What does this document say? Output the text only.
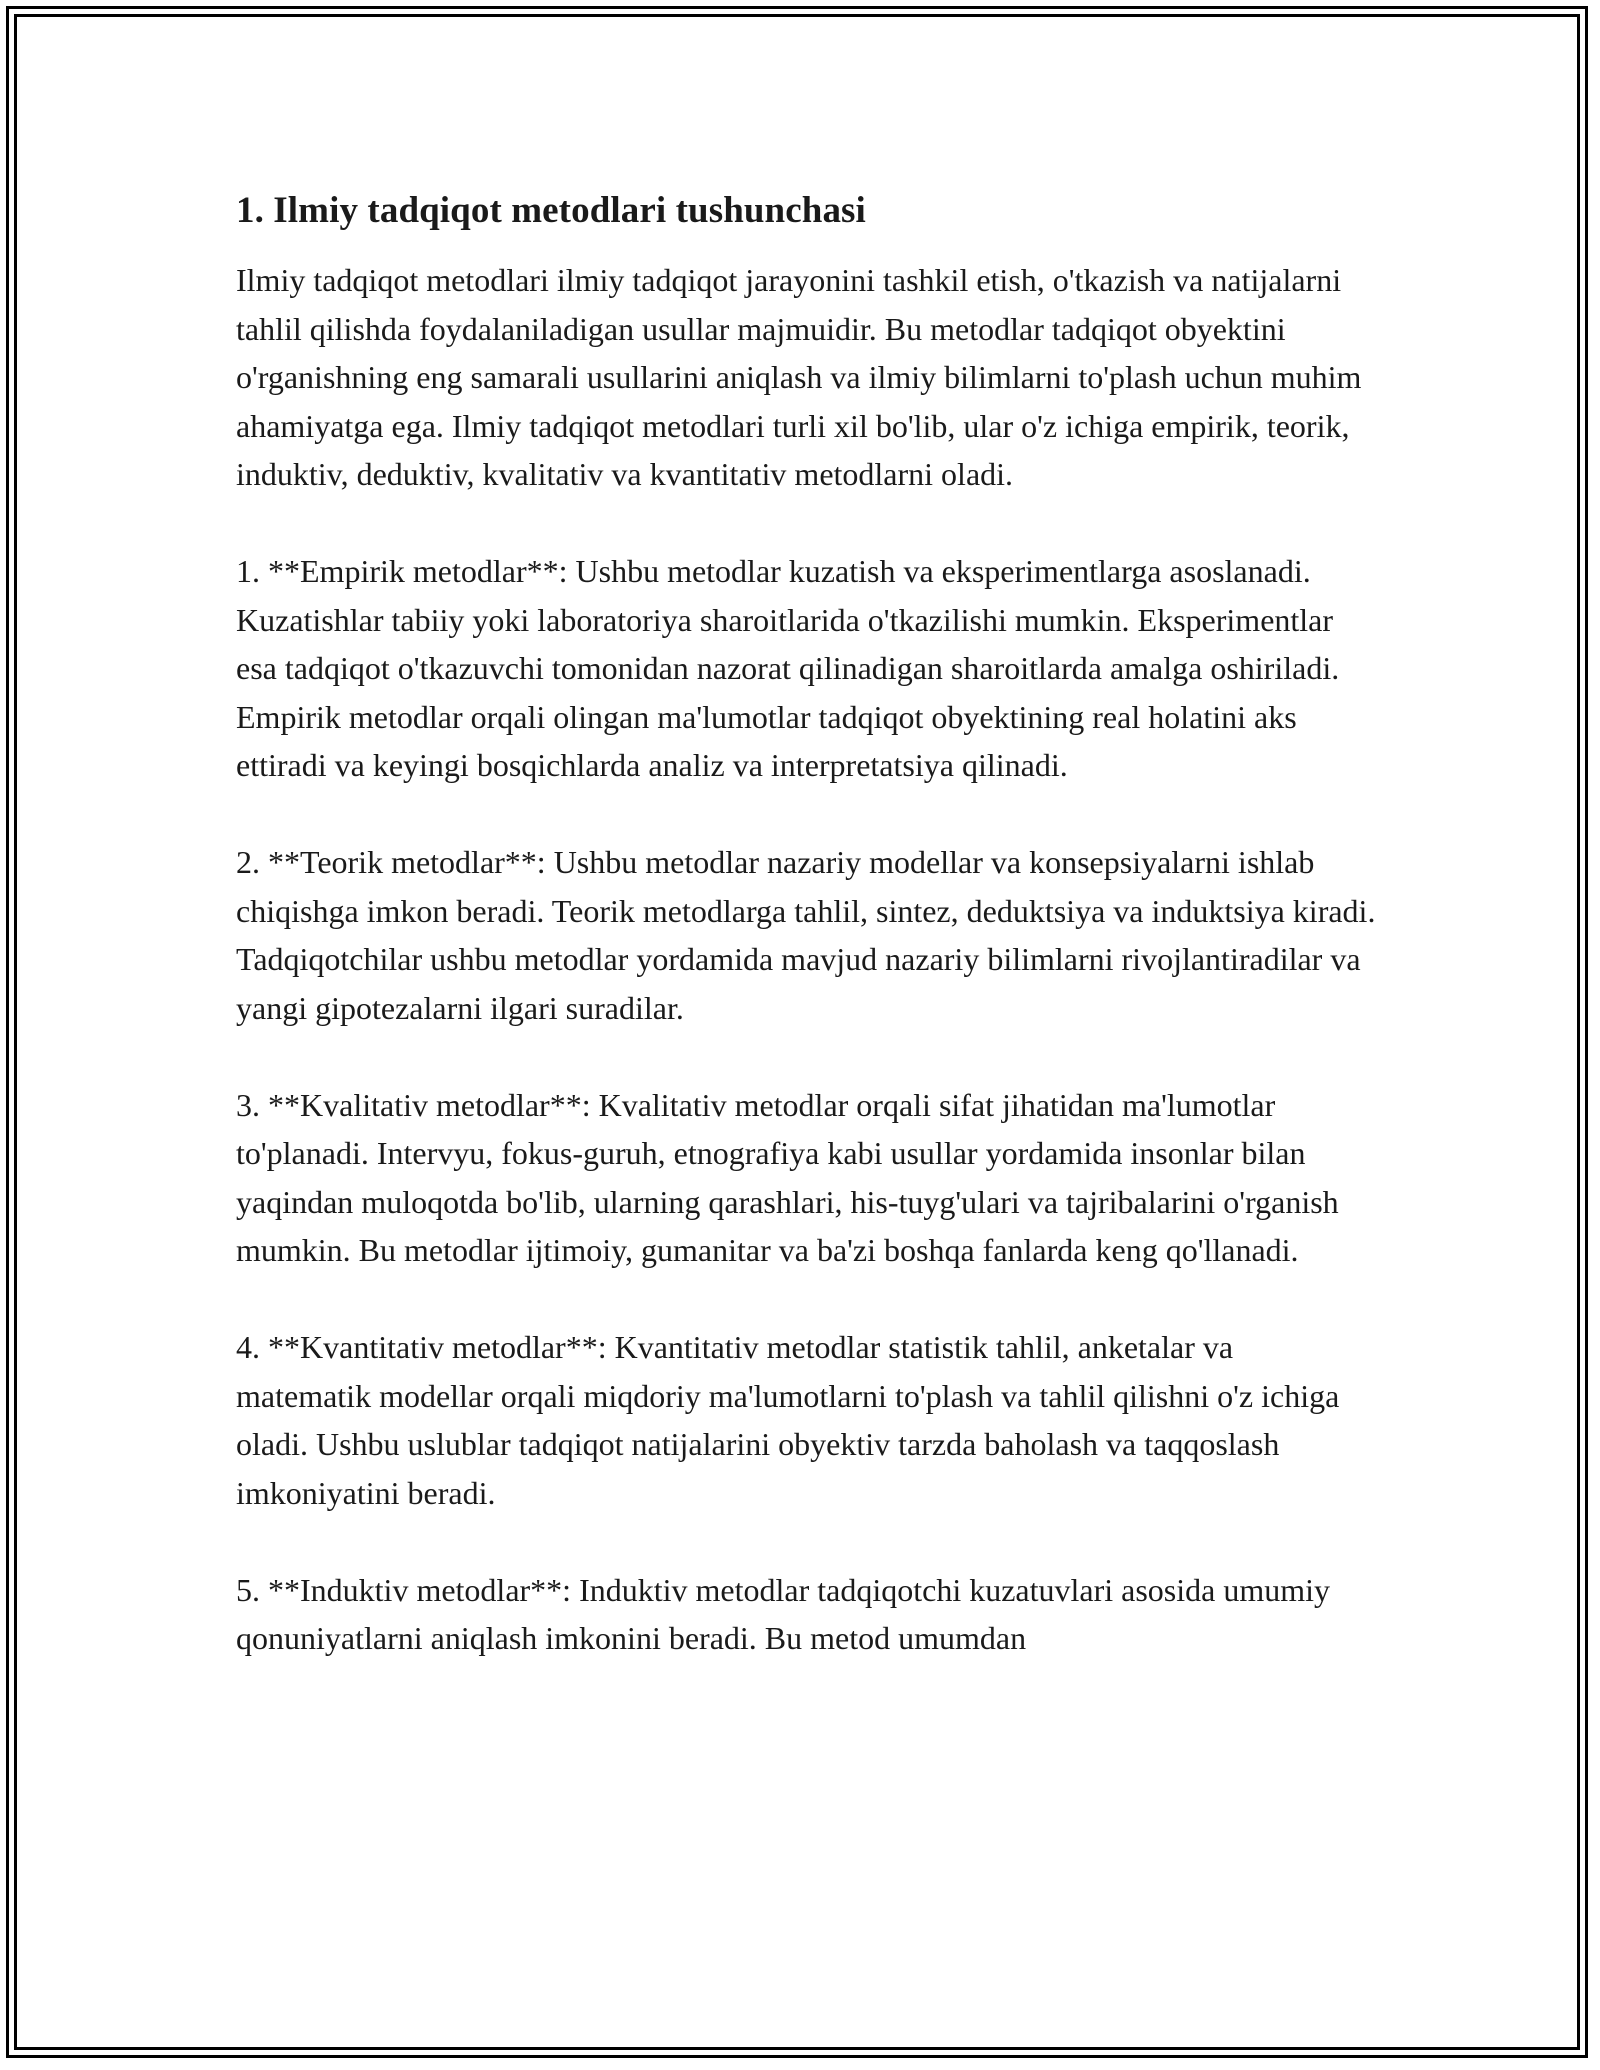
1. Ilmiy tadqiqot metodlari tushunchasi

Ilmiy tadqiqot metodlari ilmiy tadqiqot jarayonini tashkil etish, o'tkazish va natijalarni tahlil qilishda foydalaniladigan usullar majmuidir. Bu metodlar tadqiqot obyektini o'rganishning eng samarali usullarini aniqlash va ilmiy bilimlarni to'plash uchun muhim ahamiyatga ega. Ilmiy tadqiqot metodlari turli xil bo'lib, ular o'z ichiga empirik, teorik, induktiv, deduktiv, kvalitativ va kvantitativ metodlarni oladi.

1. **Empirik metodlar**: Ushbu metodlar kuzatish va eksperimentlarga asoslanadi. Kuzatishlar tabiiy yoki laboratoriya sharoitlarida o'tkazilishi mumkin. Eksperimentlar esa tadqiqot o'tkazuvchi tomonidan nazorat qilinadigan sharoitlarda amalga oshiriladi. Empirik metodlar orqali olingan ma'lumotlar tadqiqot obyektining real holatini aks ettiradi va keyingi bosqichlarda analiz va interpretatsiya qilinadi.

2. **Teorik metodlar**: Ushbu metodlar nazariy modellar va konsepsiyalarni ishlab chiqishga imkon beradi. Teorik metodlarga tahlil, sintez, deduktsiya va induktsiya kiradi. Tadqiqotchilar ushbu metodlar yordamida mavjud nazariy bilimlarni rivojlantiradilar va yangi gipotezalarni ilgari suradilar.

3. **Kvalitativ metodlar**: Kvalitativ metodlar orqali sifat jihatidan ma'lumotlar to'planadi. Intervyu, fokus-guruh, etnografiya kabi usullar yordamida insonlar bilan yaqindan muloqotda bo'lib, ularning qarashlari, his-tuyg'ulari va tajribalarini o'rganish mumkin. Bu metodlar ijtimoiy, gumanitar va ba'zi boshqa fanlarda keng qo'llanadi.

4. **Kvantitativ metodlar**: Kvantitativ metodlar statistik tahlil, anketalar va matematik modellar orqali miqdoriy ma'lumotlarni to'plash va tahlil qilishni o'z ichiga oladi. Ushbu uslublar tadqiqot natijalarini obyektiv tarzda baholash va taqqoslash imkoniyatini beradi.

5. **Induktiv metodlar**: Induktiv metodlar tadqiqotchi kuzatuvlari asosida umumiy qonuniyatlarni aniqlash imkonini beradi. Bu metod umumdan
